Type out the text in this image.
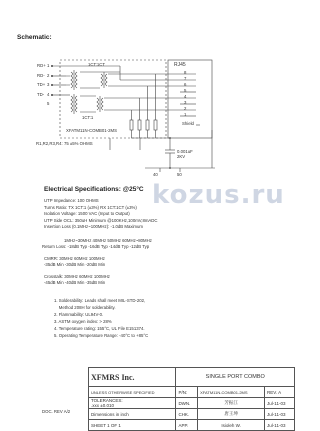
Schematic:
RD+ 1
RD- 2
TD+ 3
TD- 4
5
1CT:1CT
1CT:1
XFATM11N-COMB01-2MS
RJ45
8
7
6
5
4
3
2
1
Shield
0.001uF
2KV
40	50
R1,R2,R3,R4: 75 ±5% OHMS
kozus.ru
Electrical Specifications: @25°C
UTP Impedance: 100 OHMS
Turns Ratio: TX 1CT:1 (±3%) RX 1CT:1CT (±3%)
Isolation Voltage: 1500 VAC (Input to Output)
UTP Side OCL: 350uH Minimum @100KHz,100mV,8mADC
Insertion Loss (0.1MHz~100MHz): -1.0dB Maximum
1MHz~30MHz 40MHz 50MHz 60MHz~80MHz
Return Loss: -18dB Typ -16dB Typ -14dB Typ -12dB Typ
CMRR: 30MHz 60MHz 100MHz
-35dB Min -30dB Min -20dB Min
Crosstalk: 30MHz 60MHz 100MHz
-45dB Min -40dB Min -35dB Min
1. Solderability: Leads shall meet MIL-STD-202,
Method 208H for solderability.
2. Flammability: UL94V-0.
3. ASTM oxygen index: > 28%
4. Temperature rating: 155°C, UL File E151374.
5. Operating Temperature Range: -40°C to +85°C
XFMRS Inc.	SINGLE PORT COMBO		

UNLESS OTHERWISE SPECIFIED	P/N:	XFATM11N-COMB01-2MS	REV. A
TOLERANCES:
.xxx ±0.010	DWN.	芳振江	Jul-11-03
Dimensions in inch	CHK.	唐王坤	Jul-11-03
SHEET 1 OF 1	APP.	Isioleh W.	Jul-11-03
DOC. REV A/2
